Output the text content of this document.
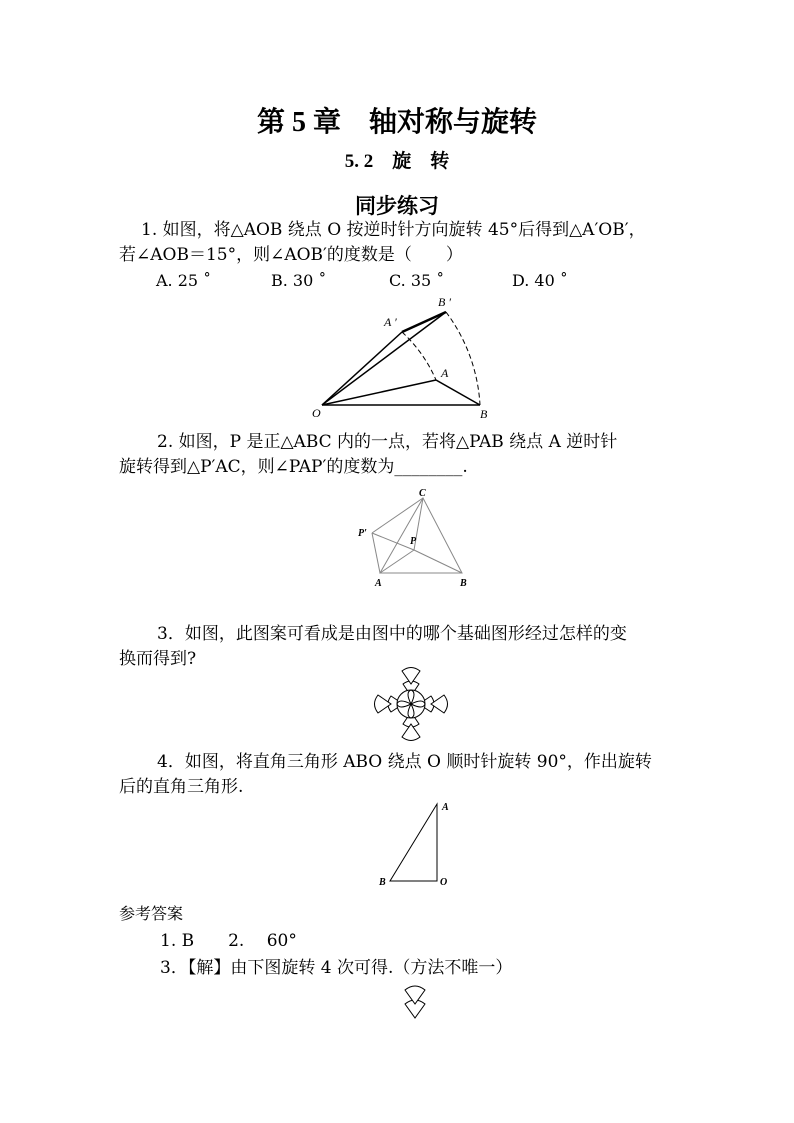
第 5 章　轴对称与旋转
5. 2　旋　转
同步练习
1. 如图，将△AOB 绕点 O 按逆时针方向旋转 45°后得到△A′OB′，
若∠AOB＝15°，则∠AOB′的度数是（　　）
A. 25 ˚	B. 30 ˚	C. 35 ˚	D. 40 ˚
A ′
B ′
A
O	B
2. 如图，P 是正△ABC 内的一点，若将△PAB 绕点 A 逆时针
旋转得到△P′AC，则∠PAP′的度数为________.
C
P′
P
A	B
3．如图，此图案可看成是由图中的哪个基础图形经过怎样的变
换而得到?
4．如图，将直角三角形 ABO 绕点 O 顺时针旋转 90°，作出旋转
后的直角三角形.
A
B	O
参考答案
1. B　　2.　 60°
3．【解】由下图旋转 4 次可得.（方法不唯一）
